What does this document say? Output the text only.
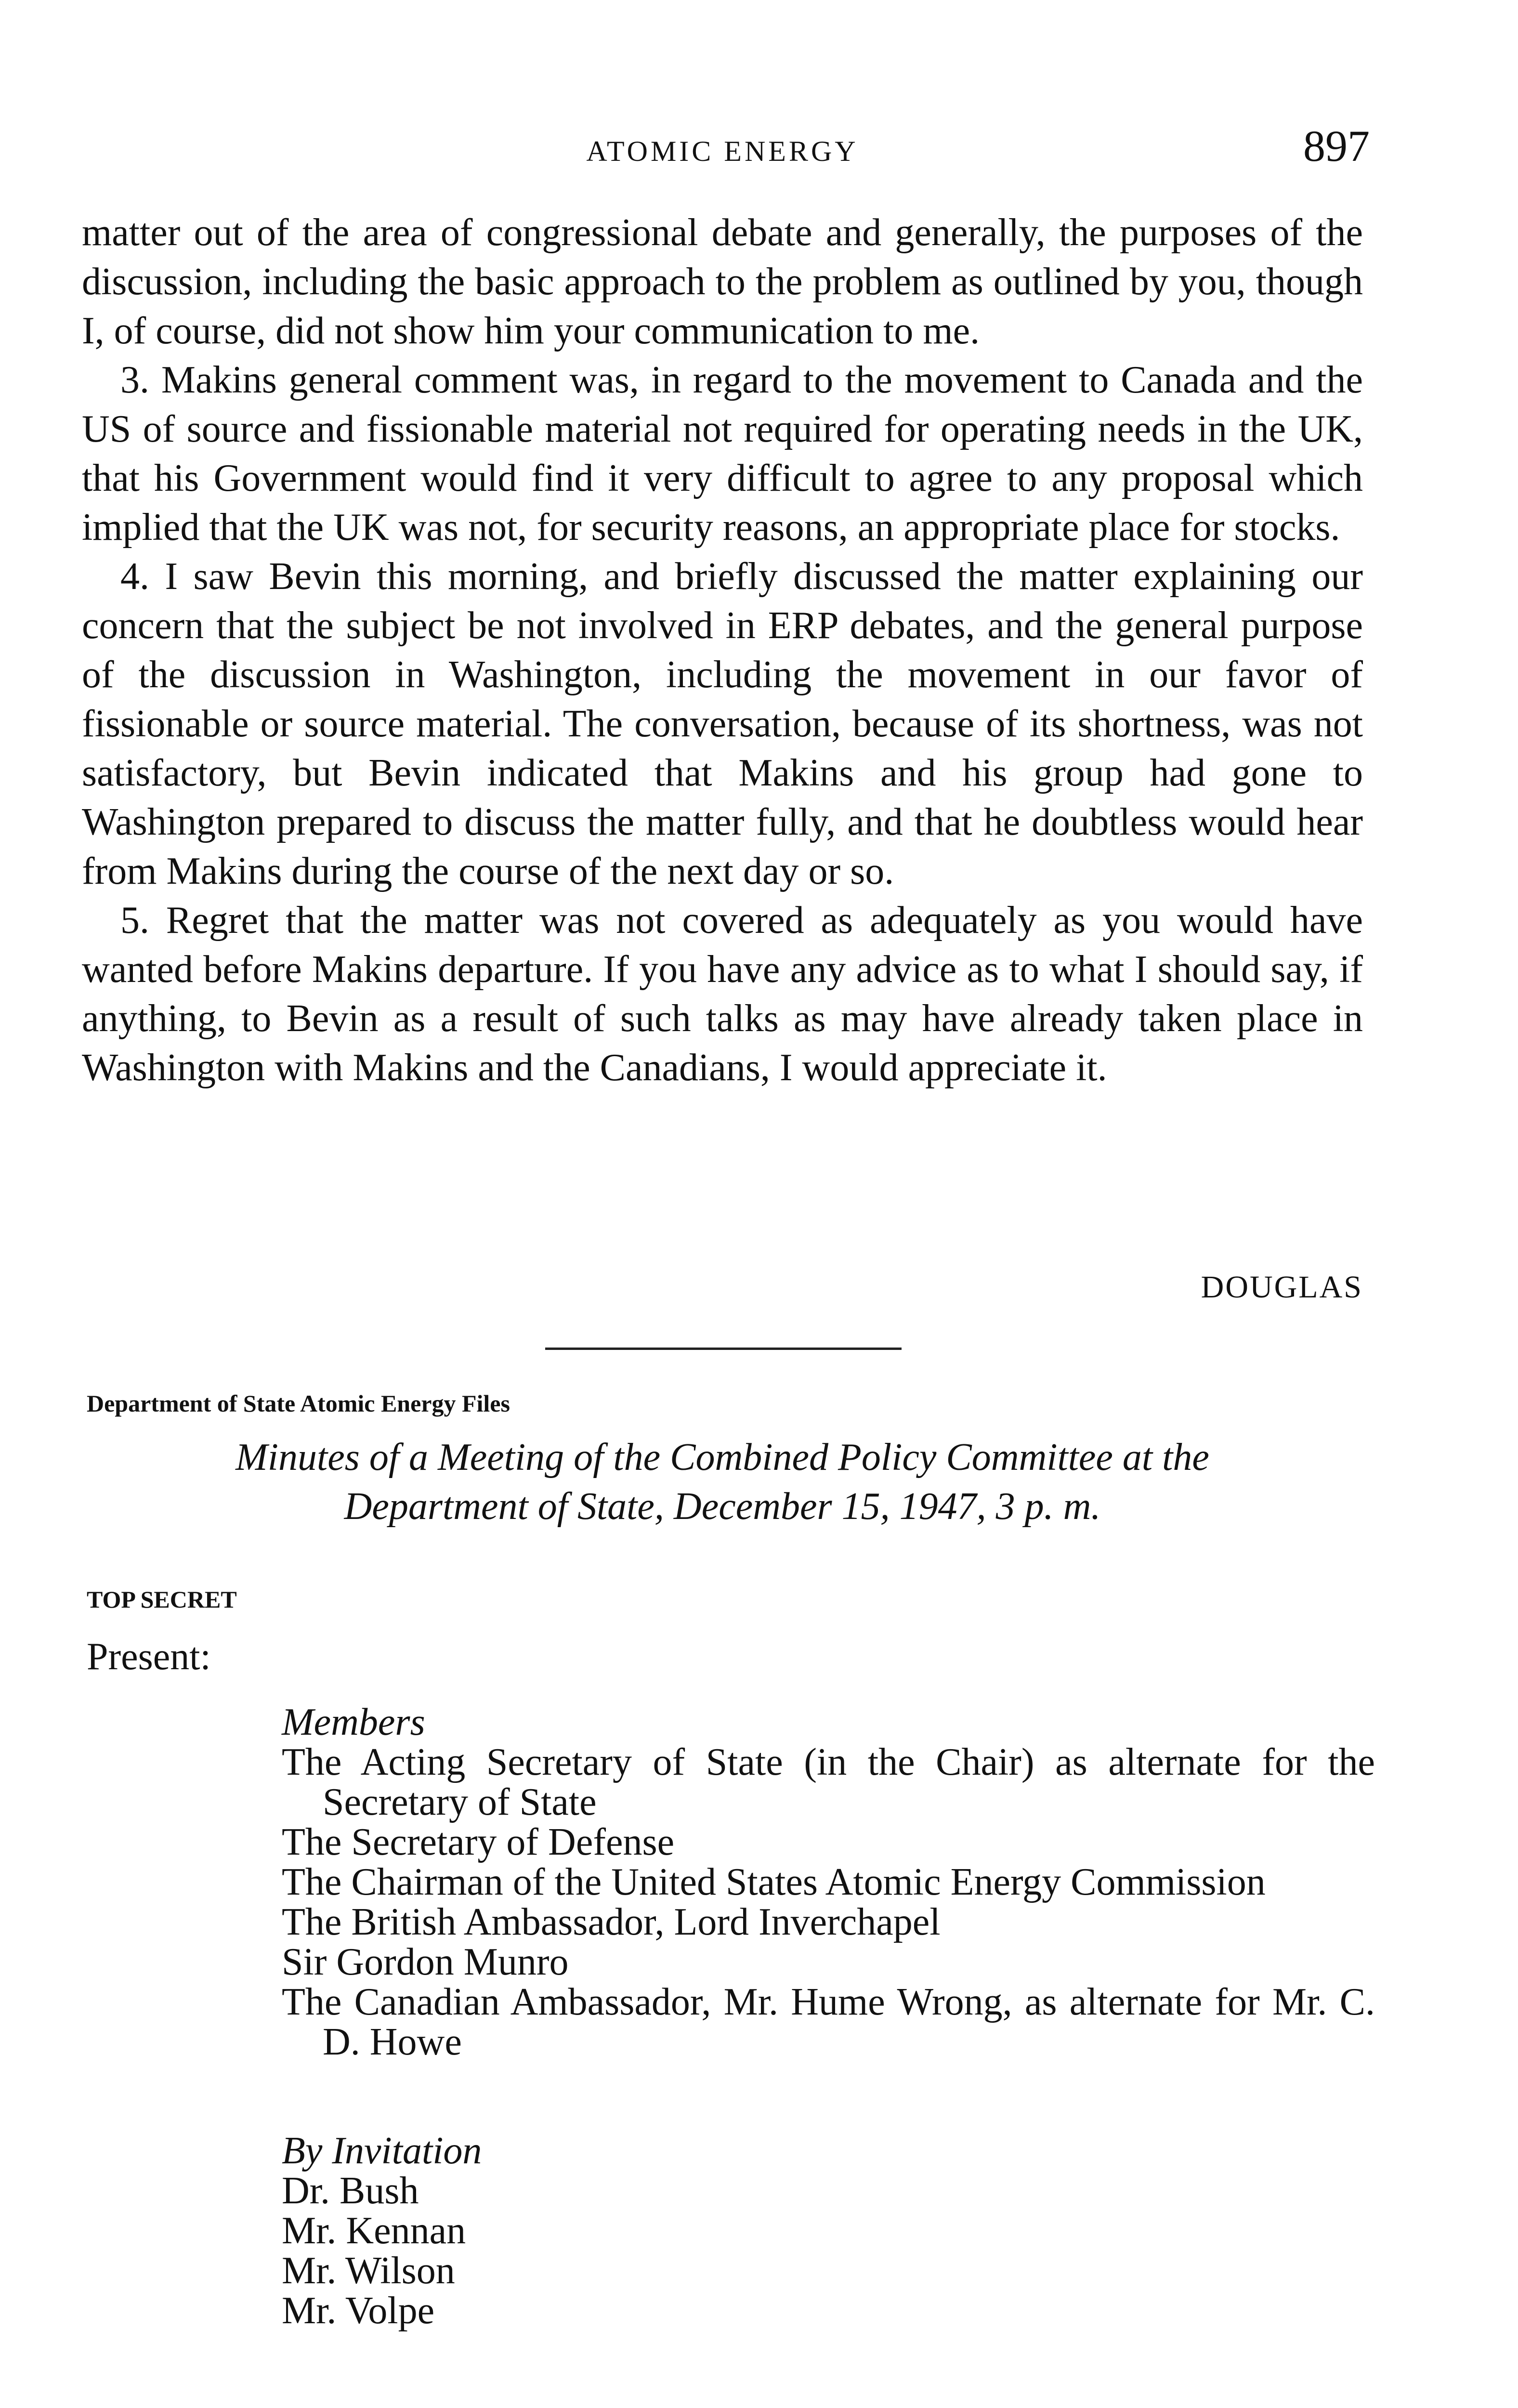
ATOMIC ENERGY	897

matter out of the area of congressional debate and generally, the purposes of the discussion, including the basic approach to the problem as outlined by you, though I, of course, did not show him your communication to me.

3. Makins general comment was, in regard to the movement to Canada and the US of source and fissionable material not required for operating needs in the UK, that his Government would find it very difficult to agree to any proposal which implied that the UK was not, for security reasons, an appropriate place for stocks.

4. I saw Bevin this morning, and briefly discussed the matter explaining our concern that the subject be not involved in ERP debates, and the general purpose of the discussion in Washington, including the movement in our favor of fissionable or source material. The conversation, because of its shortness, was not satisfactory, but Bevin indicated that Makins and his group had gone to Washington prepared to discuss the matter fully, and that he doubtless would hear from Makins during the course of the next day or so.

5. Regret that the matter was not covered as adequately as you would have wanted before Makins departure. If you have any advice as to what I should say, if anything, to Bevin as a result of such talks as may have already taken place in Washington with Makins and the Canadians, I would appreciate it.

DOUGLAS
Department of State Atomic Energy Files
Minutes of a Meeting of the Combined Policy Committee at the
Department of State, December 15, 1947, 3 p. m.
TOP SECRET
Present:
Members
The Acting Secretary of State (in the Chair) as alternate for the Secretary of State
The Secretary of Defense
The Chairman of the United States Atomic Energy Commission
The British Ambassador, Lord Inverchapel
Sir Gordon Munro
The Canadian Ambassador, Mr. Hume Wrong, as alternate for Mr. C. D. Howe
By Invitation
Dr. Bush
Mr. Kennan
Mr. Wilson
Mr. Volpe
